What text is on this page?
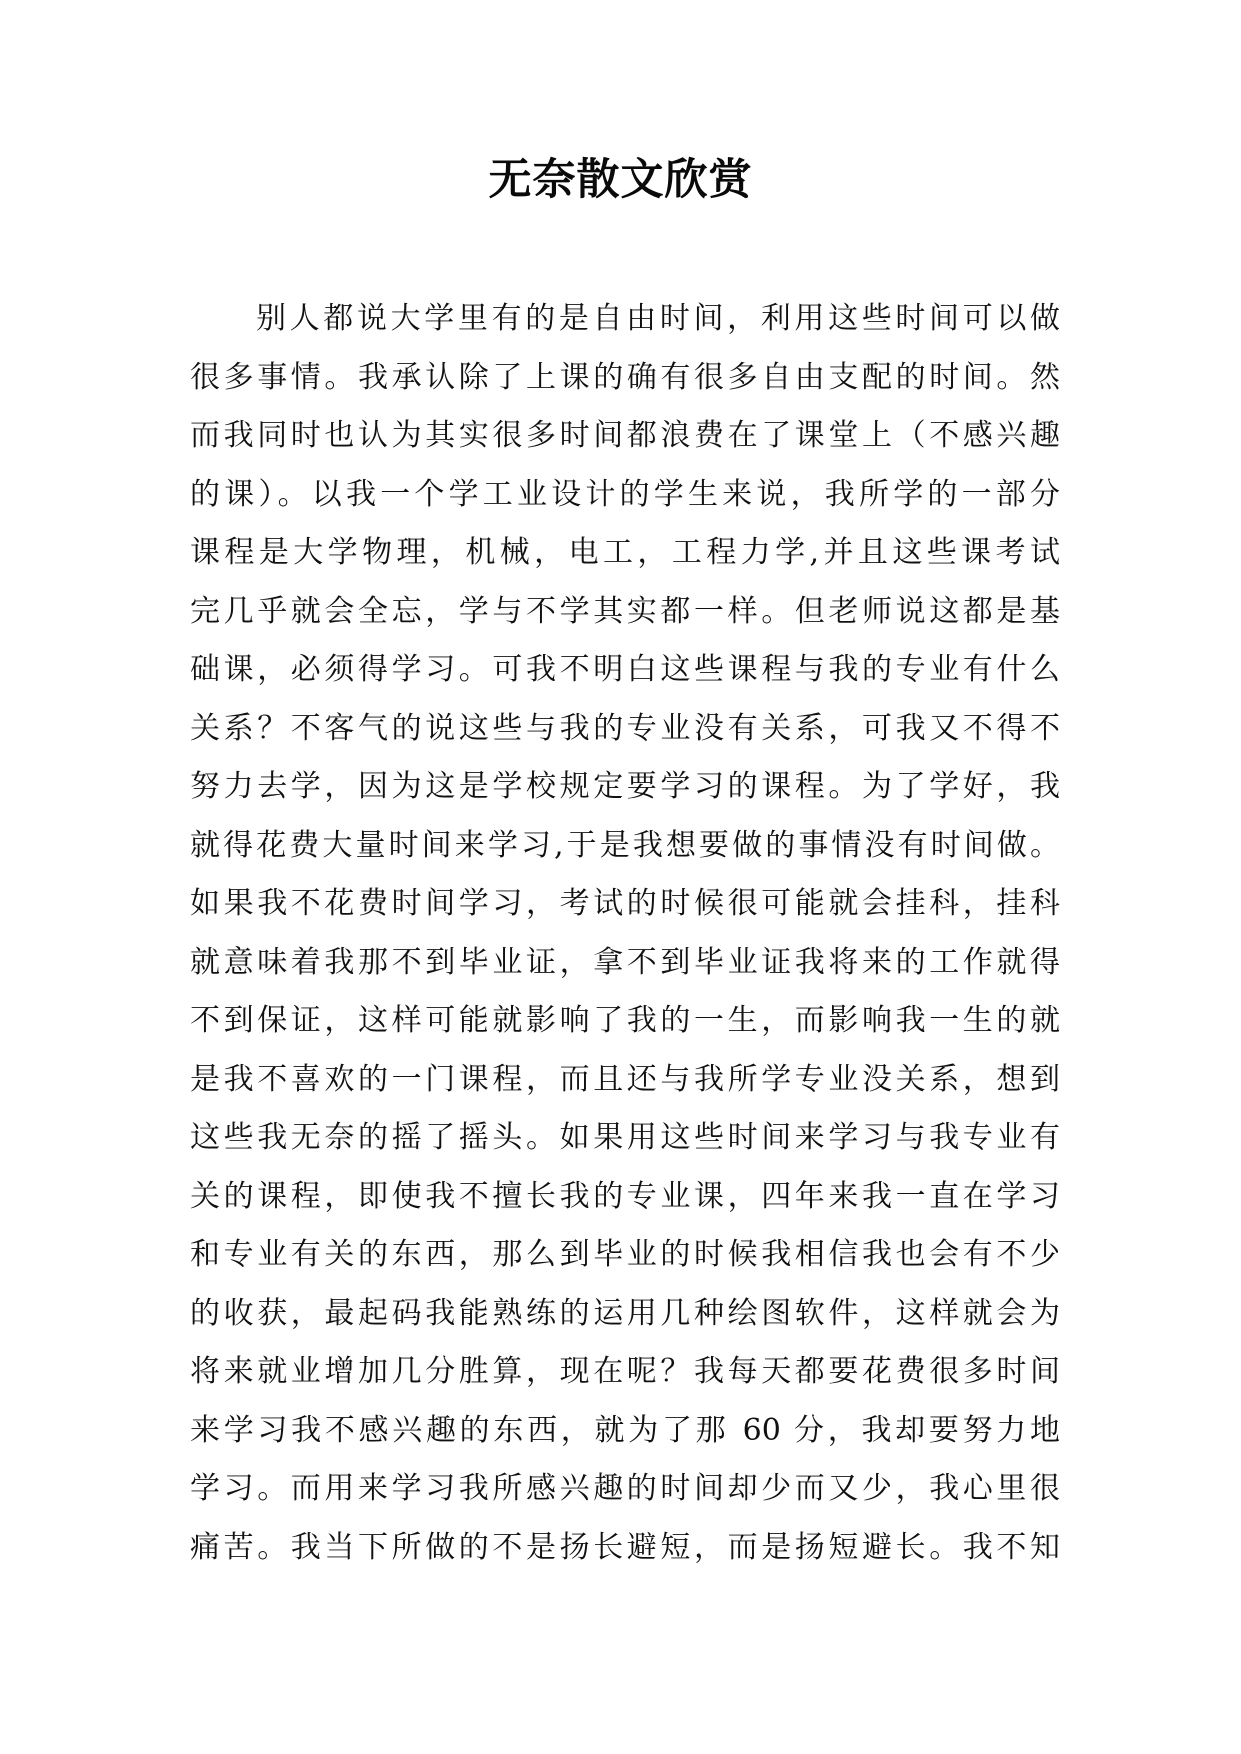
无奈散文欣赏
别人都说大学里有的是自由时间，利用这些时间可以做
很多事情。我承认除了上课的确有很多自由支配的时间。然
而我同时也认为其实很多时间都浪费在了课堂上（不感兴趣
的课）。以我一个学工业设计的学生来说，我所学的一部分
课程是大学物理，机械，电工，工程力学,并且这些课考试
完几乎就会全忘，学与不学其实都一样。但老师说这都是基
础课，必须得学习。可我不明白这些课程与我的专业有什么
关系？不客气的说这些与我的专业没有关系，可我又不得不
努力去学，因为这是学校规定要学习的课程。为了学好，我
就得花费大量时间来学习,于是我想要做的事情没有时间做。
如果我不花费时间学习，考试的时候很可能就会挂科，挂科
就意味着我那不到毕业证，拿不到毕业证我将来的工作就得
不到保证，这样可能就影响了我的一生，而影响我一生的就
是我不喜欢的一门课程，而且还与我所学专业没关系，想到
这些我无奈的摇了摇头。如果用这些时间来学习与我专业有
关的课程，即使我不擅长我的专业课，四年来我一直在学习
和专业有关的东西，那么到毕业的时候我相信我也会有不少
的收获，最起码我能熟练的运用几种绘图软件，这样就会为
将来就业增加几分胜算，现在呢？我每天都要花费很多时间
来学习我不感兴趣的东西，就为了那 60 分，我却要努力地
学习。而用来学习我所感兴趣的时间却少而又少，我心里很
痛苦。我当下所做的不是扬长避短，而是扬短避长。我不知
